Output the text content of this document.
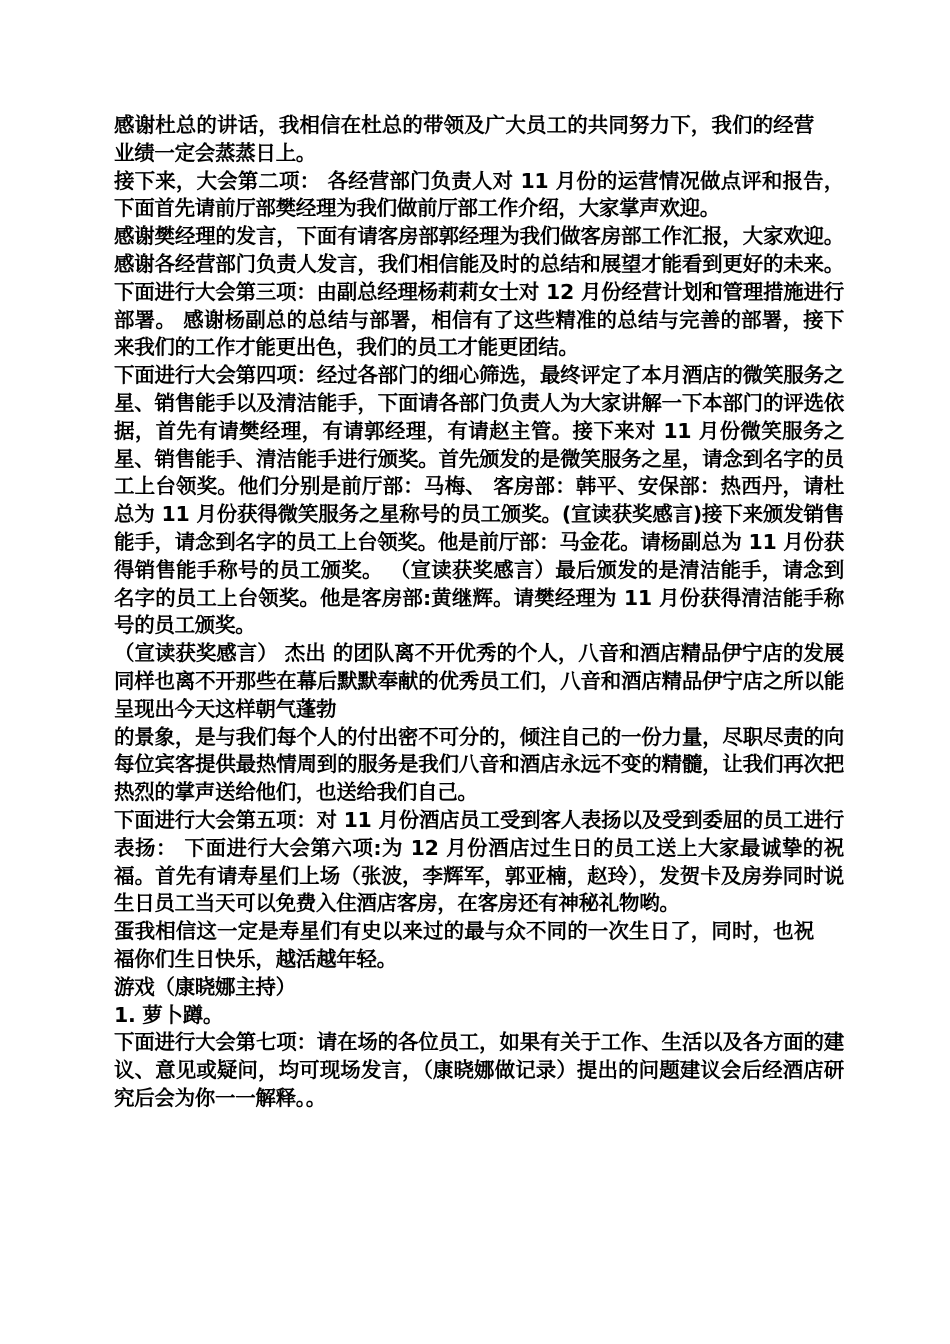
感谢杜总的讲话，我相信在杜总的带领及广大员工的共同努力下，我们的经营业绩一定会蒸蒸日上。

接下来，大会第二项： 各经营部门负责人对 11 月份的运营情况做点评和报告，下面首先请前厅部樊经理为我们做前厅部工作介绍，大家掌声欢迎。

感谢樊经理的发言，下面有请客房部郭经理为我们做客房部工作汇报，大家欢迎。 感谢各经营部门负责人发言，我们相信能及时的总结和展望才能看到更好的未来。 下面进行大会第三项：由副总经理杨莉莉女士对 12 月份经营计划和管理措施进行部署。 感谢杨副总的总结与部署，相信有了这些精准的总结与完善的部署，接下来我们的工作才能更出色，我们的员工才能更团结。

下面进行大会第四项：经过各部门的细心筛选，最终评定了本月酒店的微笑服务之星、销售能手以及清洁能手，下面请各部门负责人为大家讲解一下本部门的评选依据，首先有请樊经理，有请郭经理，有请赵主管。接下来对 11 月份微笑服务之星、销售能手、清洁能手进行颁奖。首先颁发的是微笑服务之星，请念到名字的员工上台领奖。他们分别是前厅部：马梅、 客房部：韩平、安保部：热西丹，请杜总为 11 月份获得微笑服务之星称号的员工颁奖。(宣读获奖感言)接下来颁发销售能手，请念到名字的员工上台领奖。他是前厅部：马金花。请杨副总为 11 月份获得销售能手称号的员工颁奖。 （宣读获奖感言）最后颁发的是清洁能手，请念到名字的员工上台领奖。他是客房部:黄继辉。请樊经理为 11 月份获得清洁能手称号的员工颁奖。

（宣读获奖感言） 杰出 的团队离不开优秀的个人，八音和酒店精品伊宁店的发展同样也离不开那些在幕后默默奉献的优秀员工们，八音和酒店精品伊宁店之所以能呈现出今天这样朝气蓬勃

的景象，是与我们每个人的付出密不可分的，倾注自己的一份力量，尽职尽责的向每位宾客提供最热情周到的服务是我们八音和酒店永远不变的精髓，让我们再次把热烈的掌声送给他们，也送给我们自己。

下面进行大会第五项：对 11 月份酒店员工受到客人表扬以及受到委屈的员工进行表扬： 下面进行大会第六项:为 12 月份酒店过生日的员工送上大家最诚挚的祝福。首先有请寿星们上场（张波，李辉军，郭亚楠，赵玲），发贺卡及房券同时说生日员工当天可以免费入住酒店客房，在客房还有神秘礼物哟。

蛋我相信这一定是寿星们有史以来过的最与众不同的一次生日了，同时，也祝福你们生日快乐，越活越年轻。

游戏（康晓娜主持）

1. 萝卜蹲。

下面进行大会第七项：请在场的各位员工，如果有关于工作、生活以及各方面的建议、意见或疑问，均可现场发言，（康晓娜做记录）提出的问题建议会后经酒店研究后会为你一一解释。。
